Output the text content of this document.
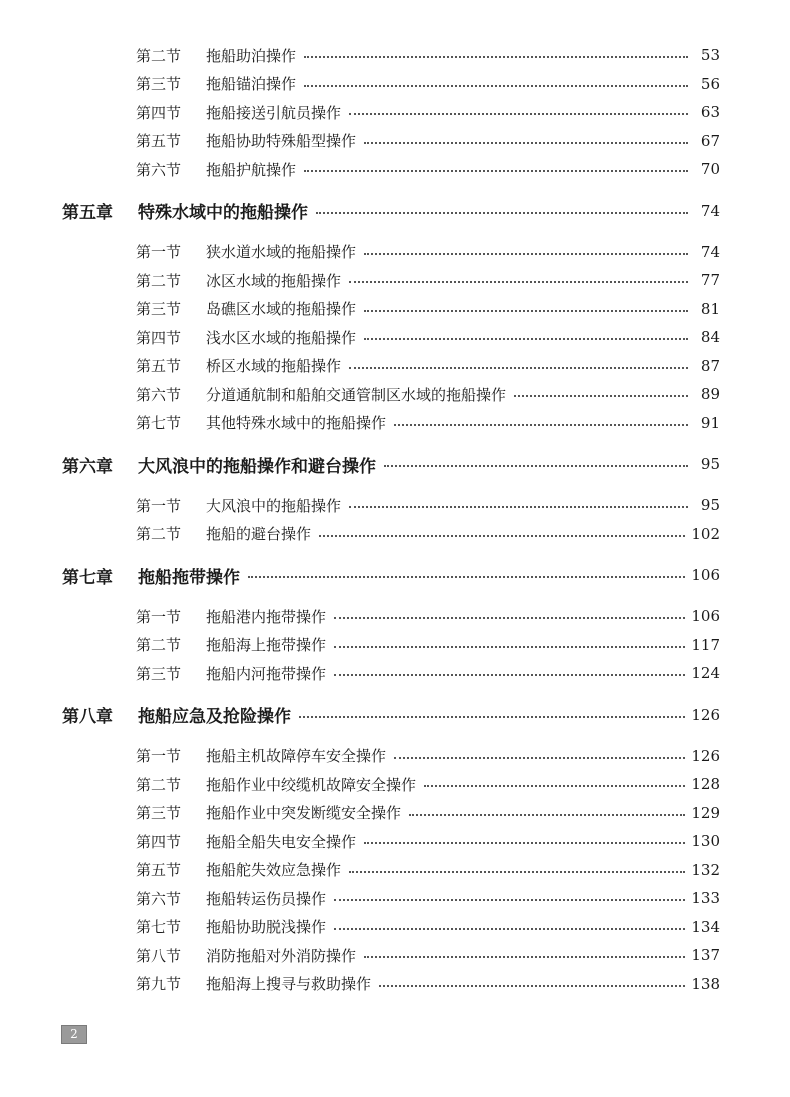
第二节	拖船助泊操作	53
第三节	拖船锚泊操作	56
第四节	拖船接送引航员操作	63
第五节	拖船协助特殊船型操作	67
第六节	拖船护航操作	70
第五章	特殊水域中的拖船操作	74
第一节	狭水道水域的拖船操作	74
第二节	冰区水域的拖船操作	77
第三节	岛礁区水域的拖船操作	81
第四节	浅水区水域的拖船操作	84
第五节	桥区水域的拖船操作	87
第六节	分道通航制和船舶交通管制区水域的拖船操作	89
第七节	其他特殊水域中的拖船操作	91
第六章	大风浪中的拖船操作和避台操作	95
第一节	大风浪中的拖船操作	95
第二节	拖船的避台操作	102
第七章	拖船拖带操作	106
第一节	拖船港内拖带操作	106
第二节	拖船海上拖带操作	117
第三节	拖船内河拖带操作	124
第八章	拖船应急及抢险操作	126
第一节	拖船主机故障停车安全操作	126
第二节	拖船作业中绞缆机故障安全操作	128
第三节	拖船作业中突发断缆安全操作	129
第四节	拖船全船失电安全操作	130
第五节	拖船舵失效应急操作	132
第六节	拖船转运伤员操作	133
第七节	拖船协助脱浅操作	134
第八节	消防拖船对外消防操作	137
第九节	拖船海上搜寻与救助操作	138
2
